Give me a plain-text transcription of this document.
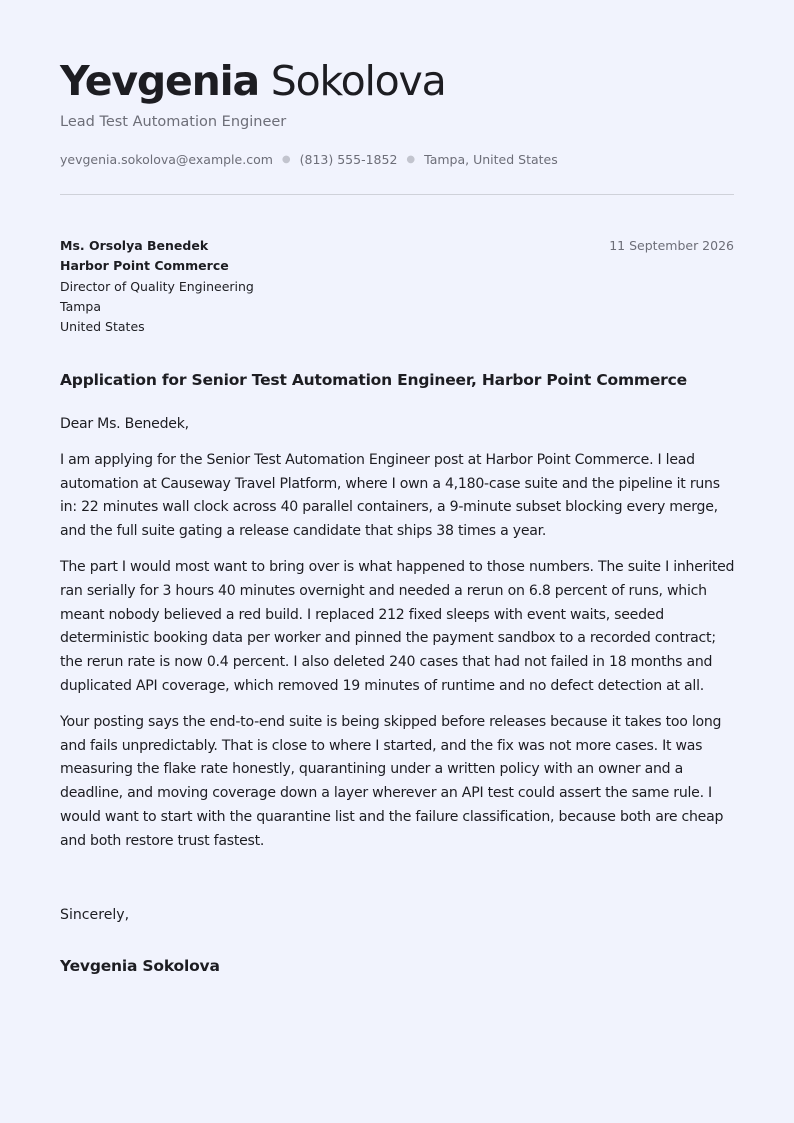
Yevgenia Sokolova
Lead Test Automation Engineer
yevgenia.sokolova@example.com ● (813) 555-1852 ● Tampa, United States
Ms. Orsolya Benedek
Harbor Point Commerce
Director of Quality Engineering
Tampa
United States
11 September 2026
Application for Senior Test Automation Engineer, Harbor Point Commerce

Dear Ms. Benedek,

I am applying for the Senior Test Automation Engineer post at Harbor Point Commerce. I lead automation at Causeway Travel Platform, where I own a 4,180-case suite and the pipeline it runs in: 22 minutes wall clock across 40 parallel containers, a 9-minute subset blocking every merge, and the full suite gating a release candidate that ships 38 times a year.

The part I would most want to bring over is what happened to those numbers. The suite I inherited ran serially for 3 hours 40 minutes overnight and needed a rerun on 6.8 percent of runs, which meant nobody believed a red build. I replaced 212 fixed sleeps with event waits, seeded deterministic booking data per worker and pinned the payment sandbox to a recorded contract; the rerun rate is now 0.4 percent. I also deleted 240 cases that had not failed in 18 months and duplicated API coverage, which removed 19 minutes of runtime and no defect detection at all.

Your posting says the end-to-end suite is being skipped before releases because it takes too long and fails unpredictably. That is close to where I started, and the fix was not more cases. It was measuring the flake rate honestly, quarantining under a written policy with an owner and a deadline, and moving coverage down a layer wherever an API test could assert the same rule. I would want to start with the quarantine list and the failure classification, because both are cheap and both restore trust fastest.

Sincerely,
Yevgenia Sokolova
